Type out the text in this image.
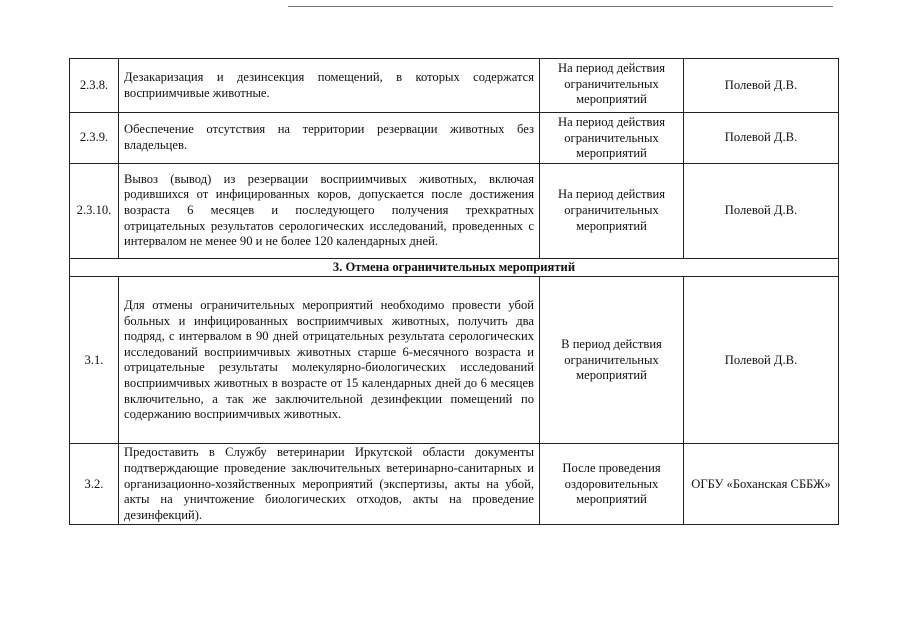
2.3.8.	Дезакаризация и дезинсекция помещений, в которых содержатся восприимчивые животные.	На период действия ограничительных мероприятий	Полевой Д.В.
2.3.9.	Обеспечение отсутствия на территории резервации животных без владельцев.	На период действия ограничительных мероприятий	Полевой Д.В.
2.3.10.	Вывоз (вывод) из резервации восприимчивых животных, включая родившихся от инфицированных коров, допускается после достижения возраста 6 месяцев и последующего получения трехкратных отрицательных результатов серологических исследований, проведенных с интервалом не менее 90 и не более 120 календарных дней.	На период действия ограничительных мероприятий	Полевой Д.В.
3. Отмена ограничительных мероприятий			
3.1.	Для отмены ограничительных мероприятий необходимо провести убой больных и инфицированных восприимчивых животных, получить два подряд, с интервалом в 90 дней отрицательных результата серологических исследований восприимчивых животных старше 6-месячного возраста и отрицательные результаты молекулярно-биологических исследований восприимчивых животных в возрасте от 15 календарных дней до 6 месяцев включительно, а так же заключительной дезинфекции помещений по содержанию восприимчивых животных.	В период действия ограничительных мероприятий	Полевой Д.В.
3.2.	Предоставить в Службу ветеринарии Иркутской области документы подтверждающие проведение заключительных ветеринарно-санитарных и организационно-хозяйственных мероприятий (экспертизы, акты на убой, акты на уничтожение биологических отходов, акты на проведение дезинфекций).	После проведения оздоровительных мероприятий	ОГБУ «Боханская СББЖ»
